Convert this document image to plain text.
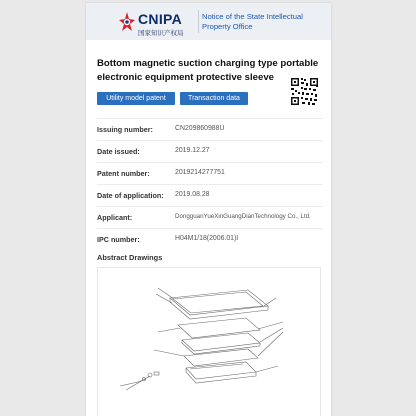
CNIPA
国家知识产权局
Notice of the State Intellectual Property Office
Bottom magnetic suction charging type portable electronic equipment protective sleeve
Utility model patent	Transaction data
Issuing number:	CN209860988U
Date issued:	2019.12.27
Patent number:	2019214277751
Date of application: 2019.08.28
Applicant:	DongguanYueXinGuangDianTechnology Co., Ltd.
IPC number:	H04M1/18(2006.01)I
Abstract Drawings
